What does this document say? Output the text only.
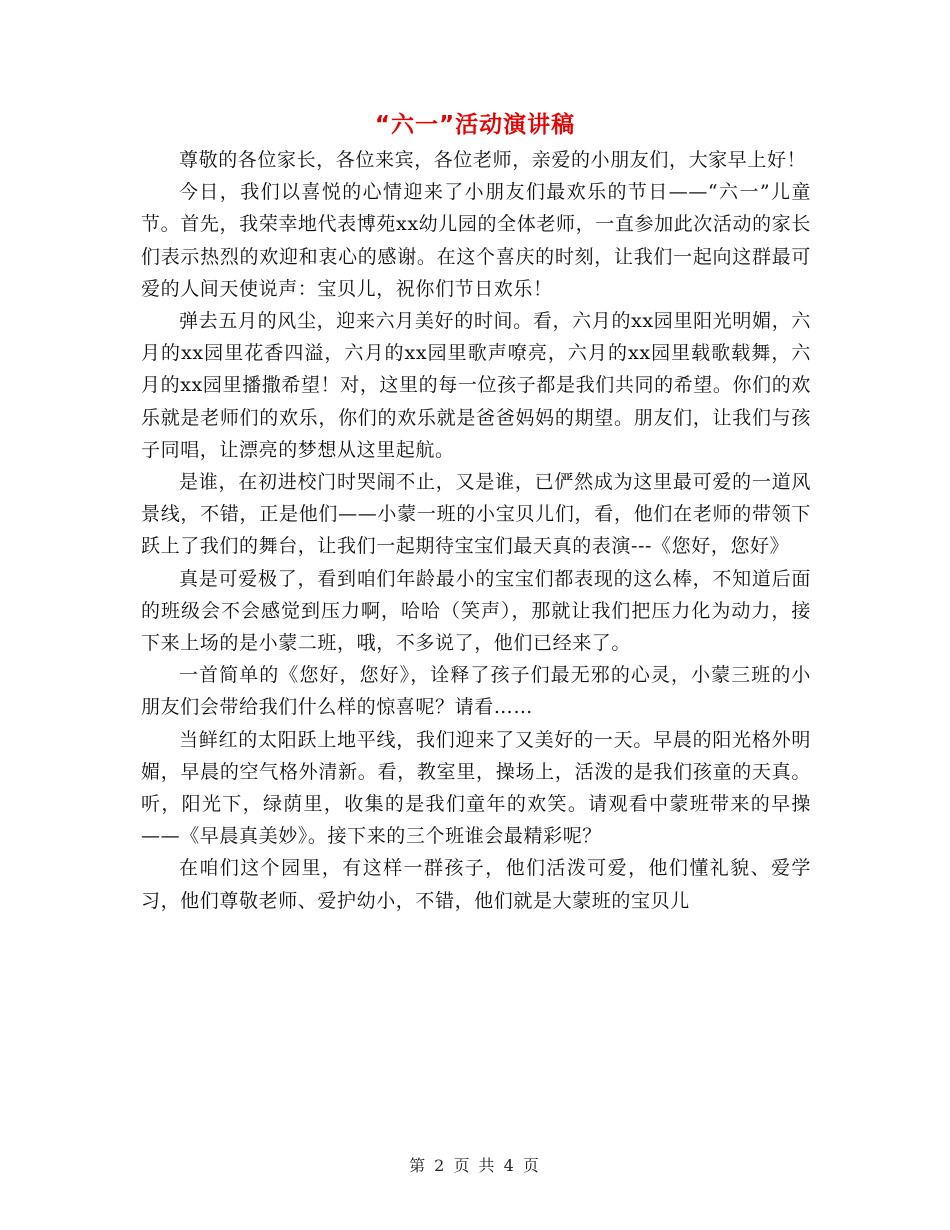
“六一”活动演讲稿

尊敬的各位家长，各位来宾，各位老师，亲爱的小朋友们，大家早上好！

今日，我们以喜悦的心情迎来了小朋友们最欢乐的节日——“六一”儿童节。首先，我荣幸地代表博苑xx幼儿园的全体老师，一直参加此次活动的家长们表示热烈的欢迎和衷心的感谢。在这个喜庆的时刻，让我们一起向这群最可爱的人间天使说声：宝贝儿，祝你们节日欢乐！

弹去五月的风尘，迎来六月美好的时间。看，六月的xx园里阳光明媚，六月的xx园里花香四溢，六月的xx园里歌声嘹亮，六月的xx园里载歌载舞，六月的xx园里播撒希望！对，这里的每一位孩子都是我们共同的希望。你们的欢乐就是老师们的欢乐，你们的欢乐就是爸爸妈妈的期望。朋友们，让我们与孩子同唱，让漂亮的梦想从这里起航。

是谁，在初进校门时哭闹不止，又是谁，已俨然成为这里最可爱的一道风景线，不错，正是他们——小蒙一班的小宝贝儿们，看，他们在老师的带领下跃上了我们的舞台，让我们一起期待宝宝们最天真的表演---《您好，您好》

真是可爱极了，看到咱们年龄最小的宝宝们都表现的这么棒，不知道后面的班级会不会感觉到压力啊，哈哈（笑声），那就让我们把压力化为动力，接下来上场的是小蒙二班，哦，不多说了，他们已经来了。

一首简单的《您好，您好》，诠释了孩子们最无邪的心灵，小蒙三班的小朋友们会带给我们什么样的惊喜呢？请看……

当鲜红的太阳跃上地平线，我们迎来了又美好的一天。早晨的阳光格外明媚，早晨的空气格外清新。看，教室里，操场上，活泼的是我们孩童的天真。 听，阳光下，绿荫里，收集的是我们童年的欢笑。请观看中蒙班带来的早操——《早晨真美妙》。接下来的三个班谁会最精彩呢？

在咱们这个园里，有这样一群孩子，他们活泼可爱，他们懂礼貌、爱学习，他们尊敬老师、爱护幼小，不错，他们就是大蒙班的宝贝儿

第 2 页 共 4 页
